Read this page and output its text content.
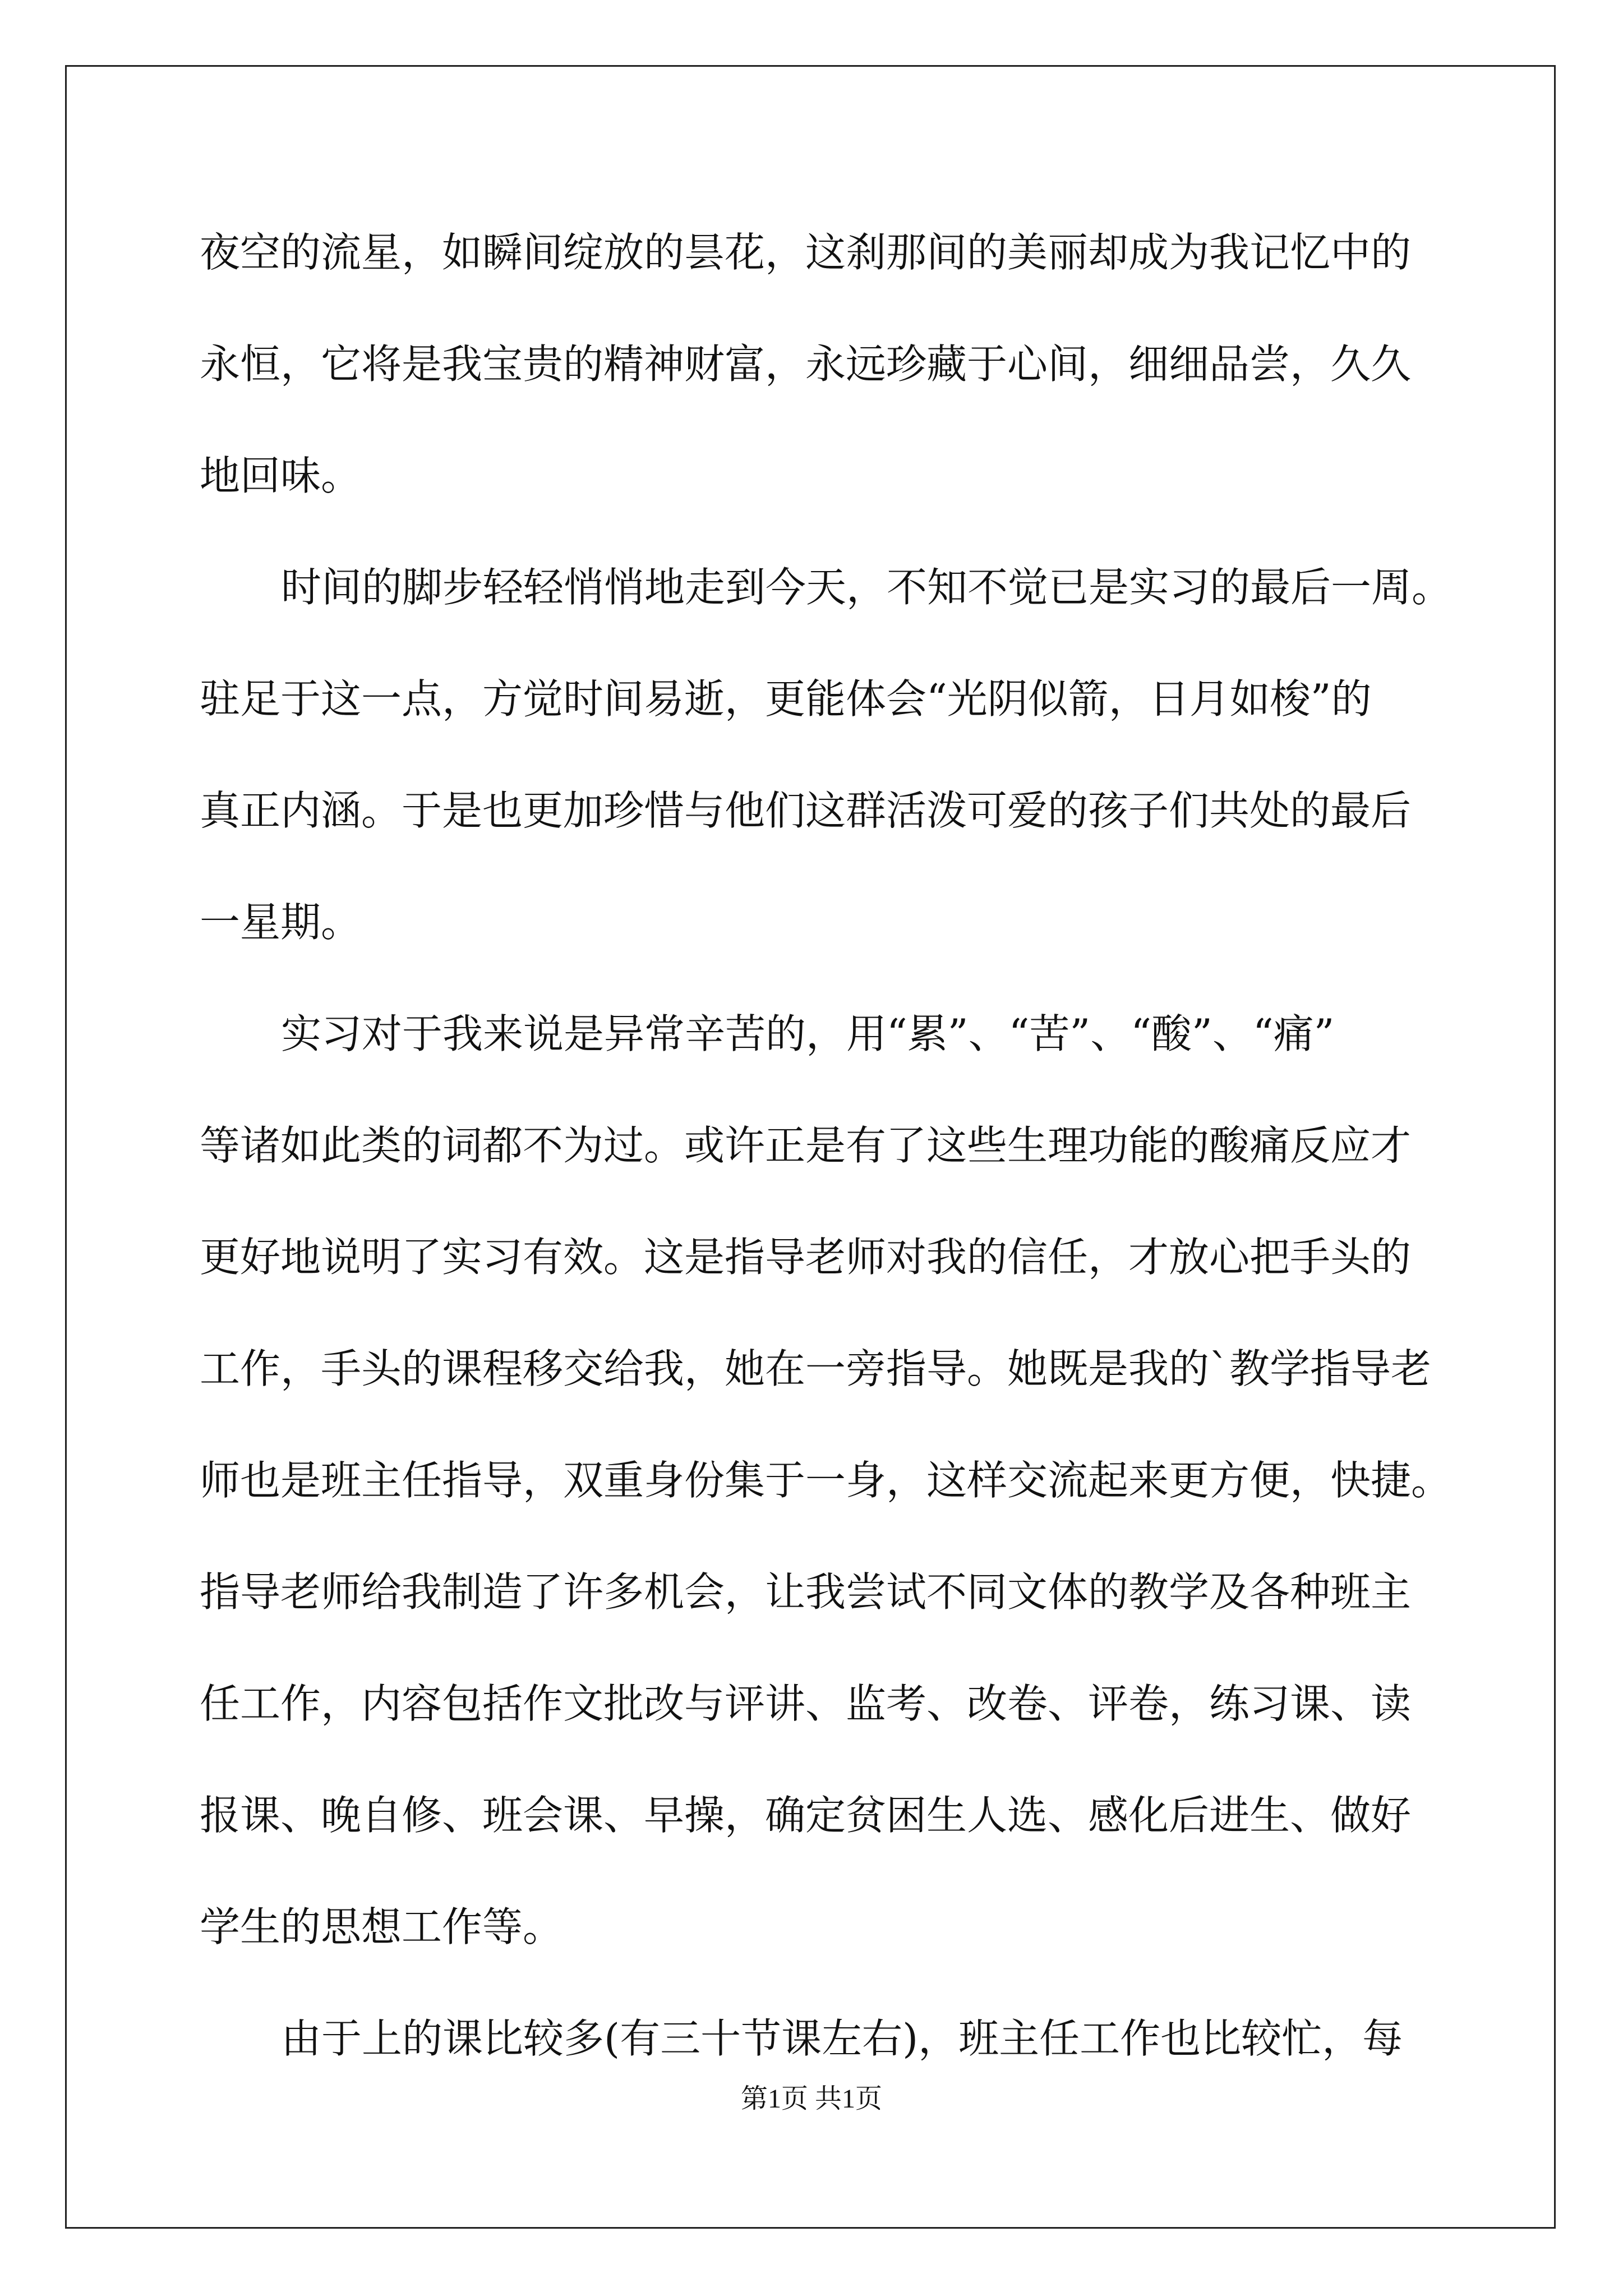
夜空的流星，如瞬间绽放的昙花，这刹那间的美丽却成为我记忆中的
永恒，它将是我宝贵的精神财富，永远珍藏于心间，细细品尝，久久
地回味。
时间的脚步轻轻悄悄地走到今天，不知不觉已是实习的最后一周。
驻足于这一点，方觉时间易逝，更能体会“光阴似箭，日月如梭”的
真正内涵。于是也更加珍惜与他们这群活泼可爱的孩子们共处的最后
一星期。
实习对于我来说是异常辛苦的，用“累”、“苦”、“酸”、“痛”
等诸如此类的词都不为过。或许正是有了这些生理功能的酸痛反应才
更好地说明了实习有效。这是指导老师对我的信任，才放心把手头的
工作，手头的课程移交给我，她在一旁指导。她既是我的`教学指导老
师也是班主任指导，双重身份集于一身，这样交流起来更方便，快捷。
指导老师给我制造了许多机会，让我尝试不同文体的教学及各种班主
任工作，内容包括作文批改与评讲、监考、改卷、评卷，练习课、读
报课、晚自修、班会课、早操，确定贫困生人选、感化后进生、做好
学生的思想工作等。
由于上的课比较多(有三十节课左右)，班主任工作也比较忙，每
第1页 共1页
